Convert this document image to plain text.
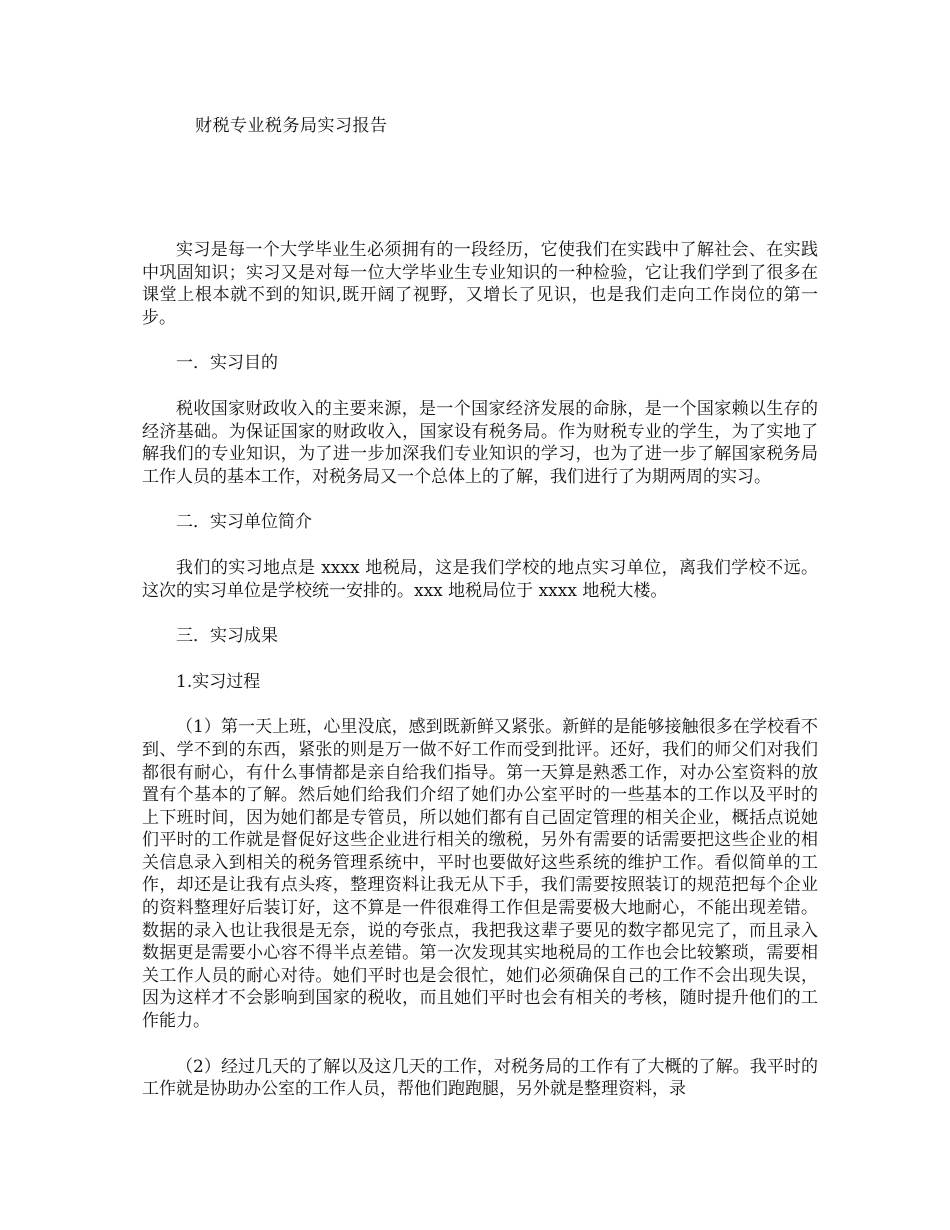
财税专业税务局实习报告

实习是每一个大学毕业生必须拥有的一段经历，它使我们在实践中了解社会、在实践中巩固知识；实习又是对每一位大学毕业生专业知识的一种检验，它让我们学到了很多在课堂上根本就不到的知识,既开阔了视野，又增长了见识，也是我们走向工作岗位的第一步。

一．实习目的

税收国家财政收入的主要来源，是一个国家经济发展的命脉，是一个国家赖以生存的经济基础。为保证国家的财政收入，国家设有税务局。作为财税专业的学生，为了实地了解我们的专业知识，为了进一步加深我们专业知识的学习，也为了进一步了解国家税务局工作人员的基本工作，对税务局又一个总体上的了解，我们进行了为期两周的实习。

二．实习单位简介

我们的实习地点是 xxxx 地税局，这是我们学校的地点实习单位，离我们学校不远。这次的实习单位是学校统一安排的。xxx 地税局位于 xxxx 地税大楼。

三．实习成果

1.实习过程

（1）第一天上班，心里没底，感到既新鲜又紧张。新鲜的是能够接触很多在学校看不到、学不到的东西，紧张的则是万一做不好工作而受到批评。还好，我们的师父们对我们都很有耐心，有什么事情都是亲自给我们指导。第一天算是熟悉工作，对办公室资料的放置有个基本的了解。然后她们给我们介绍了她们办公室平时的一些基本的工作以及平时的上下班时间，因为她们都是专管员，所以她们都有自己固定管理的相关企业，概括点说她们平时的工作就是督促好这些企业进行相关的缴税，另外有需要的话需要把这些企业的相关信息录入到相关的税务管理系统中，平时也要做好这些系统的维护工作。看似简单的工作，却还是让我有点头疼，整理资料让我无从下手，我们需要按照装订的规范把每个企业的资料整理好后装订好，这不算是一件很难得工作但是需要极大地耐心，不能出现差错。数据的录入也让我很是无奈，说的夸张点，我把我这辈子要见的数字都见完了，而且录入数据更是需要小心容不得半点差错。第一次发现其实地税局的工作也会比较繁琐，需要相关工作人员的耐心对待。她们平时也是会很忙，她们必须确保自己的工作不会出现失误，因为这样才不会影响到国家的税收，而且她们平时也会有相关的考核，随时提升他们的工作能力。

（2）经过几天的了解以及这几天的工作，对税务局的工作有了大概的了解。我平时的工作就是协助办公室的工作人员，帮他们跑跑腿，另外就是整理资料，录
